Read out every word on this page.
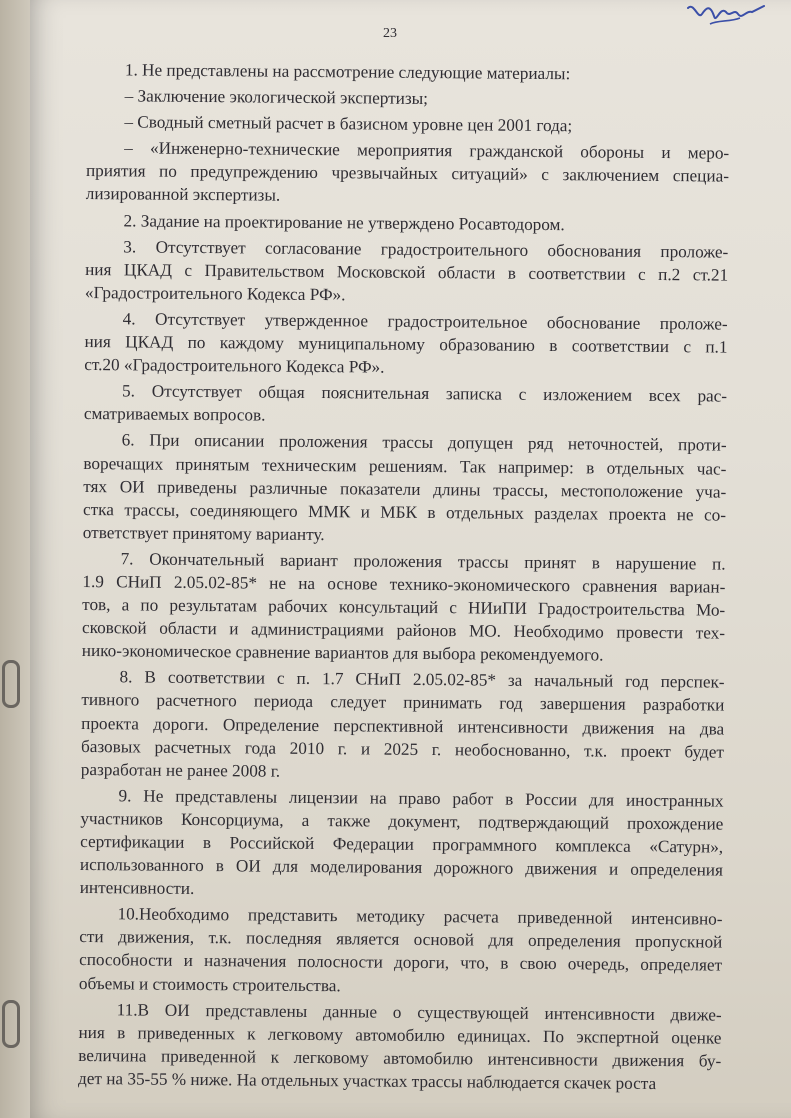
23
1. Не представлены на рассмотрение следующие материалы:
– Заключение экологической экспертизы;
– Сводный сметный расчет в базисном уровне цен 2001 года;
– «Инженерно-технические мероприятия гражданской обороны и меро-
приятия по предупреждению чрезвычайных ситуаций» с заключением специа-
лизированной экспертизы.
2. Задание на проектирование не утверждено Росавтодором.
3. Отсутствует согласование градостроительного обоснования проложе-
ния ЦКАД с Правительством Московской области в соответствии с п.2 ст.21
«Градостроительного Кодекса РФ».
4. Отсутствует утвержденное градостроительное обоснование проложе-
ния ЦКАД по каждому муниципальному образованию в соответствии с п.1
ст.20 «Градостроительного Кодекса РФ».
5. Отсутствует общая пояснительная записка с изложением всех рас-
сматриваемых вопросов.
6. При описании проложения трассы допущен ряд неточностей, проти-
воречащих принятым техническим решениям. Так например: в отдельных час-
тях ОИ приведены различные показатели длины трассы, местоположение уча-
стка трассы, соединяющего ММК и МБК в отдельных разделах проекта не со-
ответствует принятому варианту.
7. Окончательный вариант проложения трассы принят в нарушение п.
1.9 СНиП 2.05.02-85* не на основе технико-экономического сравнения вариан-
тов, а по результатам рабочих консультаций с НИиПИ Градостроительства Мо-
сковской области и администрациями районов МО. Необходимо провести тех-
нико-экономическое сравнение вариантов для выбора рекомендуемого.
8. В соответствии с п. 1.7 СНиП 2.05.02-85* за начальный год перспек-
тивного расчетного периода следует принимать год завершения разработки
проекта дороги. Определение перспективной интенсивности движения на два
базовых расчетных года 2010 г. и 2025 г. необоснованно, т.к. проект будет
разработан не ранее 2008 г.
9. Не представлены лицензии на право работ в России для иностранных
участников Консорциума, а также документ, подтверждающий прохождение
сертификации в Российской Федерации программного комплекса «Сатурн»,
использованного в ОИ для моделирования дорожного движения и определения
интенсивности.
10.Необходимо представить методику расчета приведенной интенсивно-
сти движения, т.к. последняя является основой для определения пропускной
способности и назначения полосности дороги, что, в свою очередь, определяет
объемы и стоимость строительства.
11.В ОИ представлены данные о существующей интенсивности движе-
ния в приведенных к легковому автомобилю единицах. По экспертной оценке
величина приведенной к легковому автомобилю интенсивности движения бу-
дет на 35-55 % ниже. На отдельных участках трассы наблюдается скачек роста
